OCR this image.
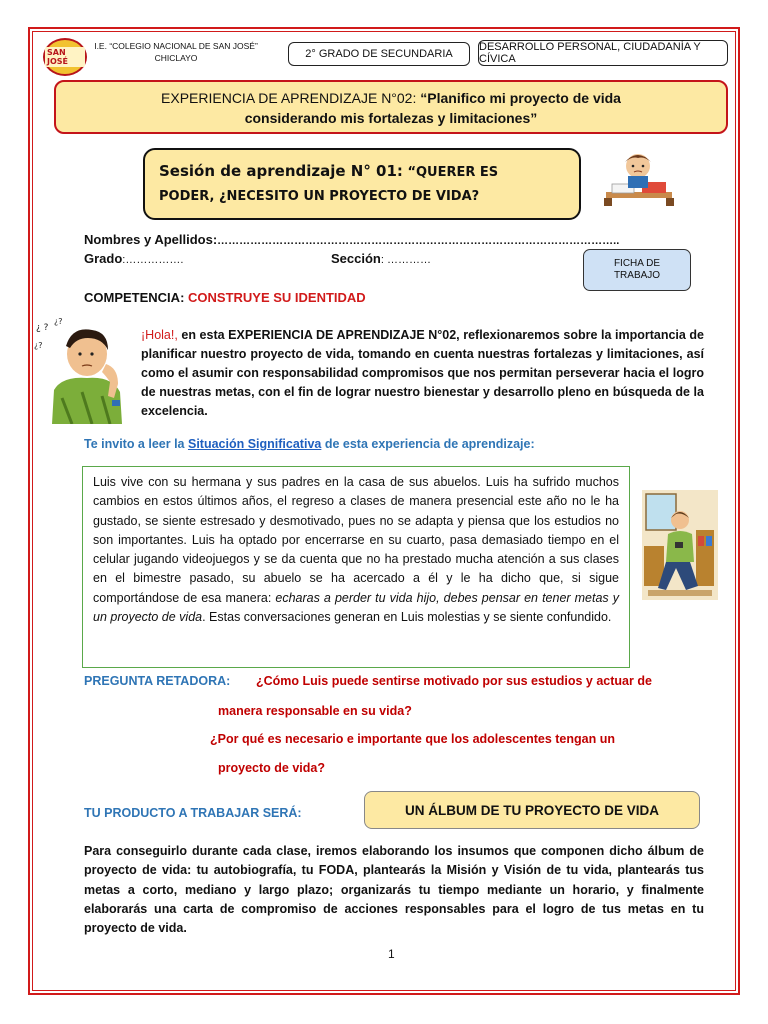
SAN JOSÉ
I.E. “COLEGIO NACIONAL DE SAN JOSÉ”
CHICLAYO	2° GRADO DE SECUNDARIA
DESARROLLO PERSONAL, CIUDADANÍA Y CÍVICA
EXPERIENCIA DE APRENDIZAJE N°02: “Planifico mi proyecto de vida
considerando mis fortalezas y limitaciones”
Sesión de aprendizaje N° 01: “QUERER ES
PODER, ¿NECESITO UN PROYECTO DE VIDA?
Nombres y Apellidos:………………………………………………………………………………………………..
Grado:…………….	Sección: …………	FICHA DE
TRABAJO
COMPETENCIA: CONSTRUYE SU IDENTIDAD
¿ ?
¿?
¿?
¡Hola!, en esta EXPERIENCIA DE APRENDIZAJE N°02, reflexionaremos sobre la importancia de planificar nuestro proyecto de vida, tomando en cuenta nuestras fortalezas y limitaciones, así como el asumir con responsabilidad compromisos que nos permitan perseverar hacia el logro de nuestras metas, con el fin de lograr nuestro bienestar y desarrollo pleno en búsqueda de la excelencia.
Te invito a leer la Situación Significativa de esta experiencia de aprendizaje:
Luis vive con su hermana y sus padres en la casa de sus abuelos. Luis ha sufrido muchos cambios en estos últimos años, el regreso a clases de manera presencial este año no le ha gustado, se siente estresado y desmotivado, pues no se adapta y piensa que los estudios no son importantes. Luis ha optado por encerrarse en su cuarto, pasa demasiado tiempo en el celular jugando videojuegos y se da cuenta que no ha prestado mucha atención a sus clases en el bimestre pasado, su abuelo se ha acercado a él y le ha dicho que, si sigue comportándose de esa manera: echaras a perder tu vida hijo, debes pensar en tener metas y un proyecto de vida. Estas conversaciones generan en Luis molestias y se siente confundido.
PREGUNTA RETADORA: ¿Cómo Luis puede sentirse motivado por sus estudios y actuar de
manera responsable en su vida?
¿Por qué es necesario e importante que los adolescentes tengan un
proyecto de vida?
TU PRODUCTO A TRABAJAR SERÁ:	UN ÁLBUM DE TU PROYECTO DE VIDA
Para conseguirlo durante cada clase, iremos elaborando los insumos que componen dicho álbum de proyecto de vida: tu autobiografía, tu FODA, plantearás la Misión y Visión de tu vida, plantearás tus metas a corto, mediano y largo plazo; organizarás tu tiempo mediante un horario, y finalmente elaborarás una carta de compromiso de acciones responsables para el logro de tus metas en tu proyecto de vida.
1
